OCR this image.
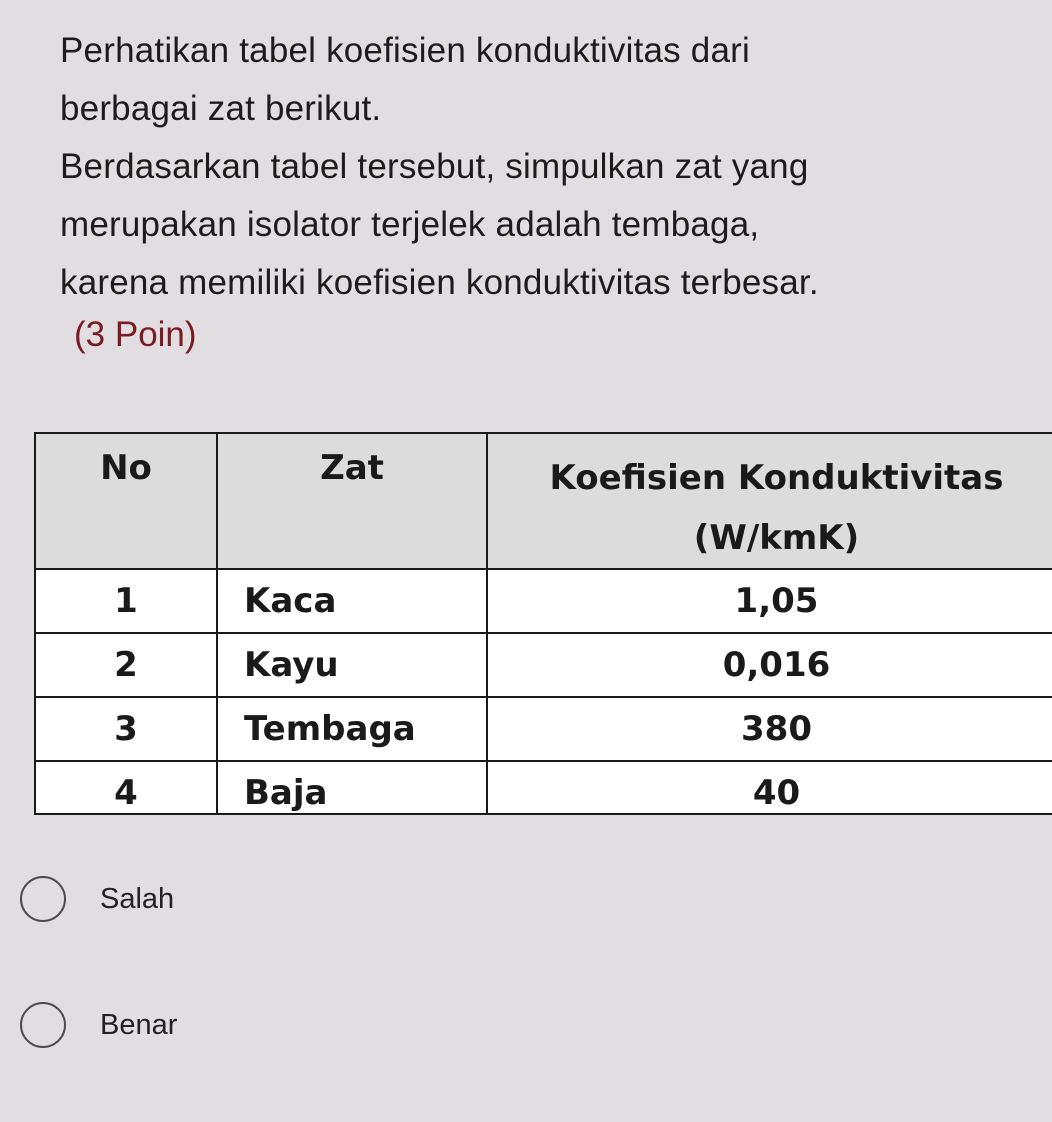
Perhatikan tabel koefisien konduktivitas dari
berbagai zat berikut.
Berdasarkan tabel tersebut, simpulkan zat yang
merupakan isolator terjelek adalah tembaga,
karena memiliki koefisien konduktivitas terbesar.
(3 Poin)
No	Zat	Koefisien Konduktivitas
(W/kmK)

1	Kaca	1,05
2	Kayu	0,016
3	Tembaga	380
4	Baja	40
Salah
Benar
